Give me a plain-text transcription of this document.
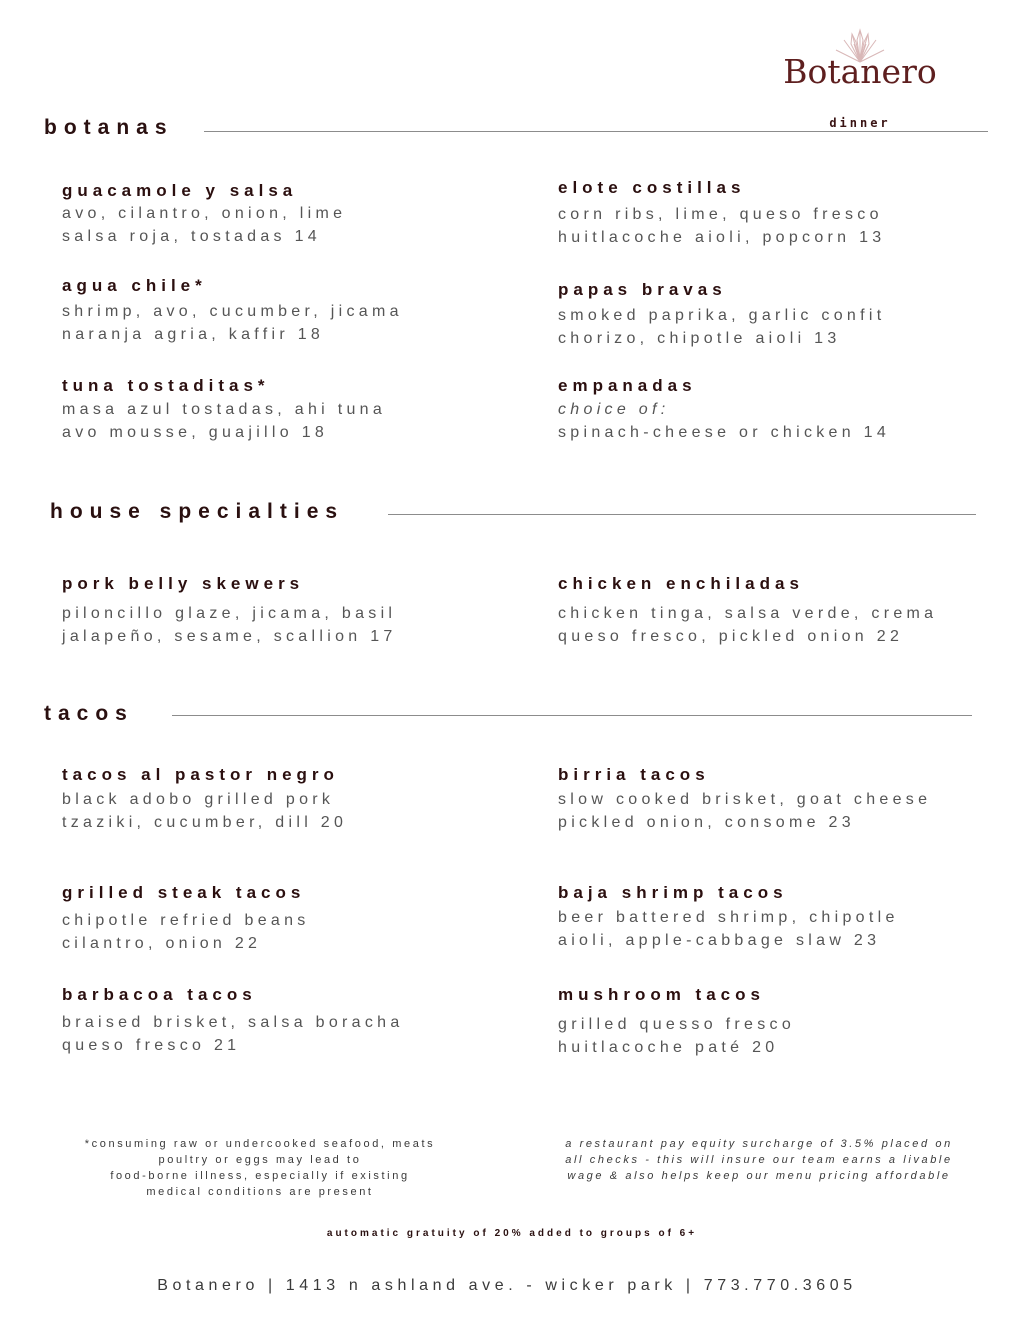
Botanero
dinner
botanas
guacamole y salsa
avo, cilantro, onion, lime
salsa roja, tostadas 14
agua chile*
shrimp, avo, cucumber, jicama
naranja agria, kaffir 18
tuna tostaditas*
masa azul tostadas, ahi tuna
avo mousse, guajillo 18
elote costillas
corn ribs, lime, queso fresco
huitlacoche aioli, popcorn 13
papas bravas
smoked paprika, garlic confit
chorizo, chipotle aioli 13
empanadas
choice of:
spinach-cheese or chicken 14
house specialties
pork belly skewers
piloncillo glaze, jicama, basil
jalapeño, sesame, scallion 17
chicken enchiladas
chicken tinga, salsa verde, crema
queso fresco, pickled onion 22
tacos
tacos al pastor negro
black adobo grilled pork
tzaziki, cucumber, dill 20
grilled steak tacos
chipotle refried beans
cilantro, onion 22
barbacoa tacos
braised brisket, salsa boracha
queso fresco 21
birria tacos
slow cooked brisket, goat cheese
pickled onion, consome 23
baja shrimp tacos
beer battered shrimp, chipotle
aioli, apple-cabbage slaw 23
mushroom tacos
grilled quesso fresco
huitlacoche paté 20
*consuming raw or undercooked seafood, meats
poultry or eggs may lead to
food-borne illness, especially if existing
medical conditions are present
a restaurant pay equity surcharge of 3.5% placed on
all checks - this will insure our team earns a livable
wage & also helps keep our menu pricing affordable
automatic gratuity of 20% added to groups of 6+
Botanero | 1413 n ashland ave. - wicker park | 773.770.3605
